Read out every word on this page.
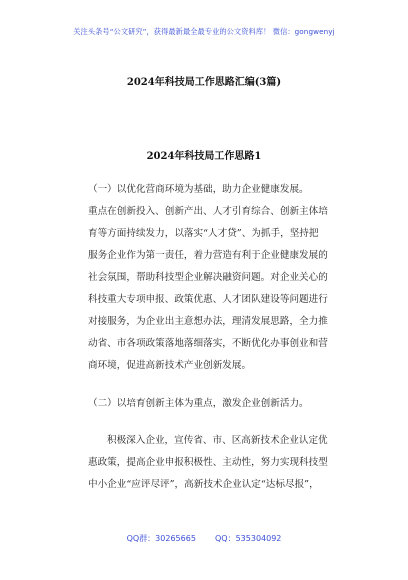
关注头条号“公文研究”，获得最新最全最专业的公文资料库！ 微信：gongwenyj
2024年科技局工作思路汇编(3篇)
2024年科技局工作思路1
（一）以优化营商环境为基础，助力企业健康发展。
重点在创新投入、创新产出、人才引育综合、创新主体培
育等方面持续发力，以落实“人才贷”、为抓手，坚持把
服务企业作为第一责任，着力营造有利于企业健康发展的
社会氛围，帮助科技型企业解决融资问题。对企业关心的
科技重大专项申报、政策优惠、人才团队建设等问题进行
对接服务，为企业出主意想办法，理清发展思路，全力推
动省、市各项政策落地落细落实，不断优化办事创业和营
商环境，促进高新技术产业创新发展。
（二）以培育创新主体为重点，激发企业创新活力。
积极深入企业，宣传省、市、区高新技术企业认定优
惠政策，提高企业申报积极性、主动性，努力实现科技型
中小企业“应评尽评”，高新技术企业认定“达标尽报”，
QQ群：30265665 QQ：535304092
